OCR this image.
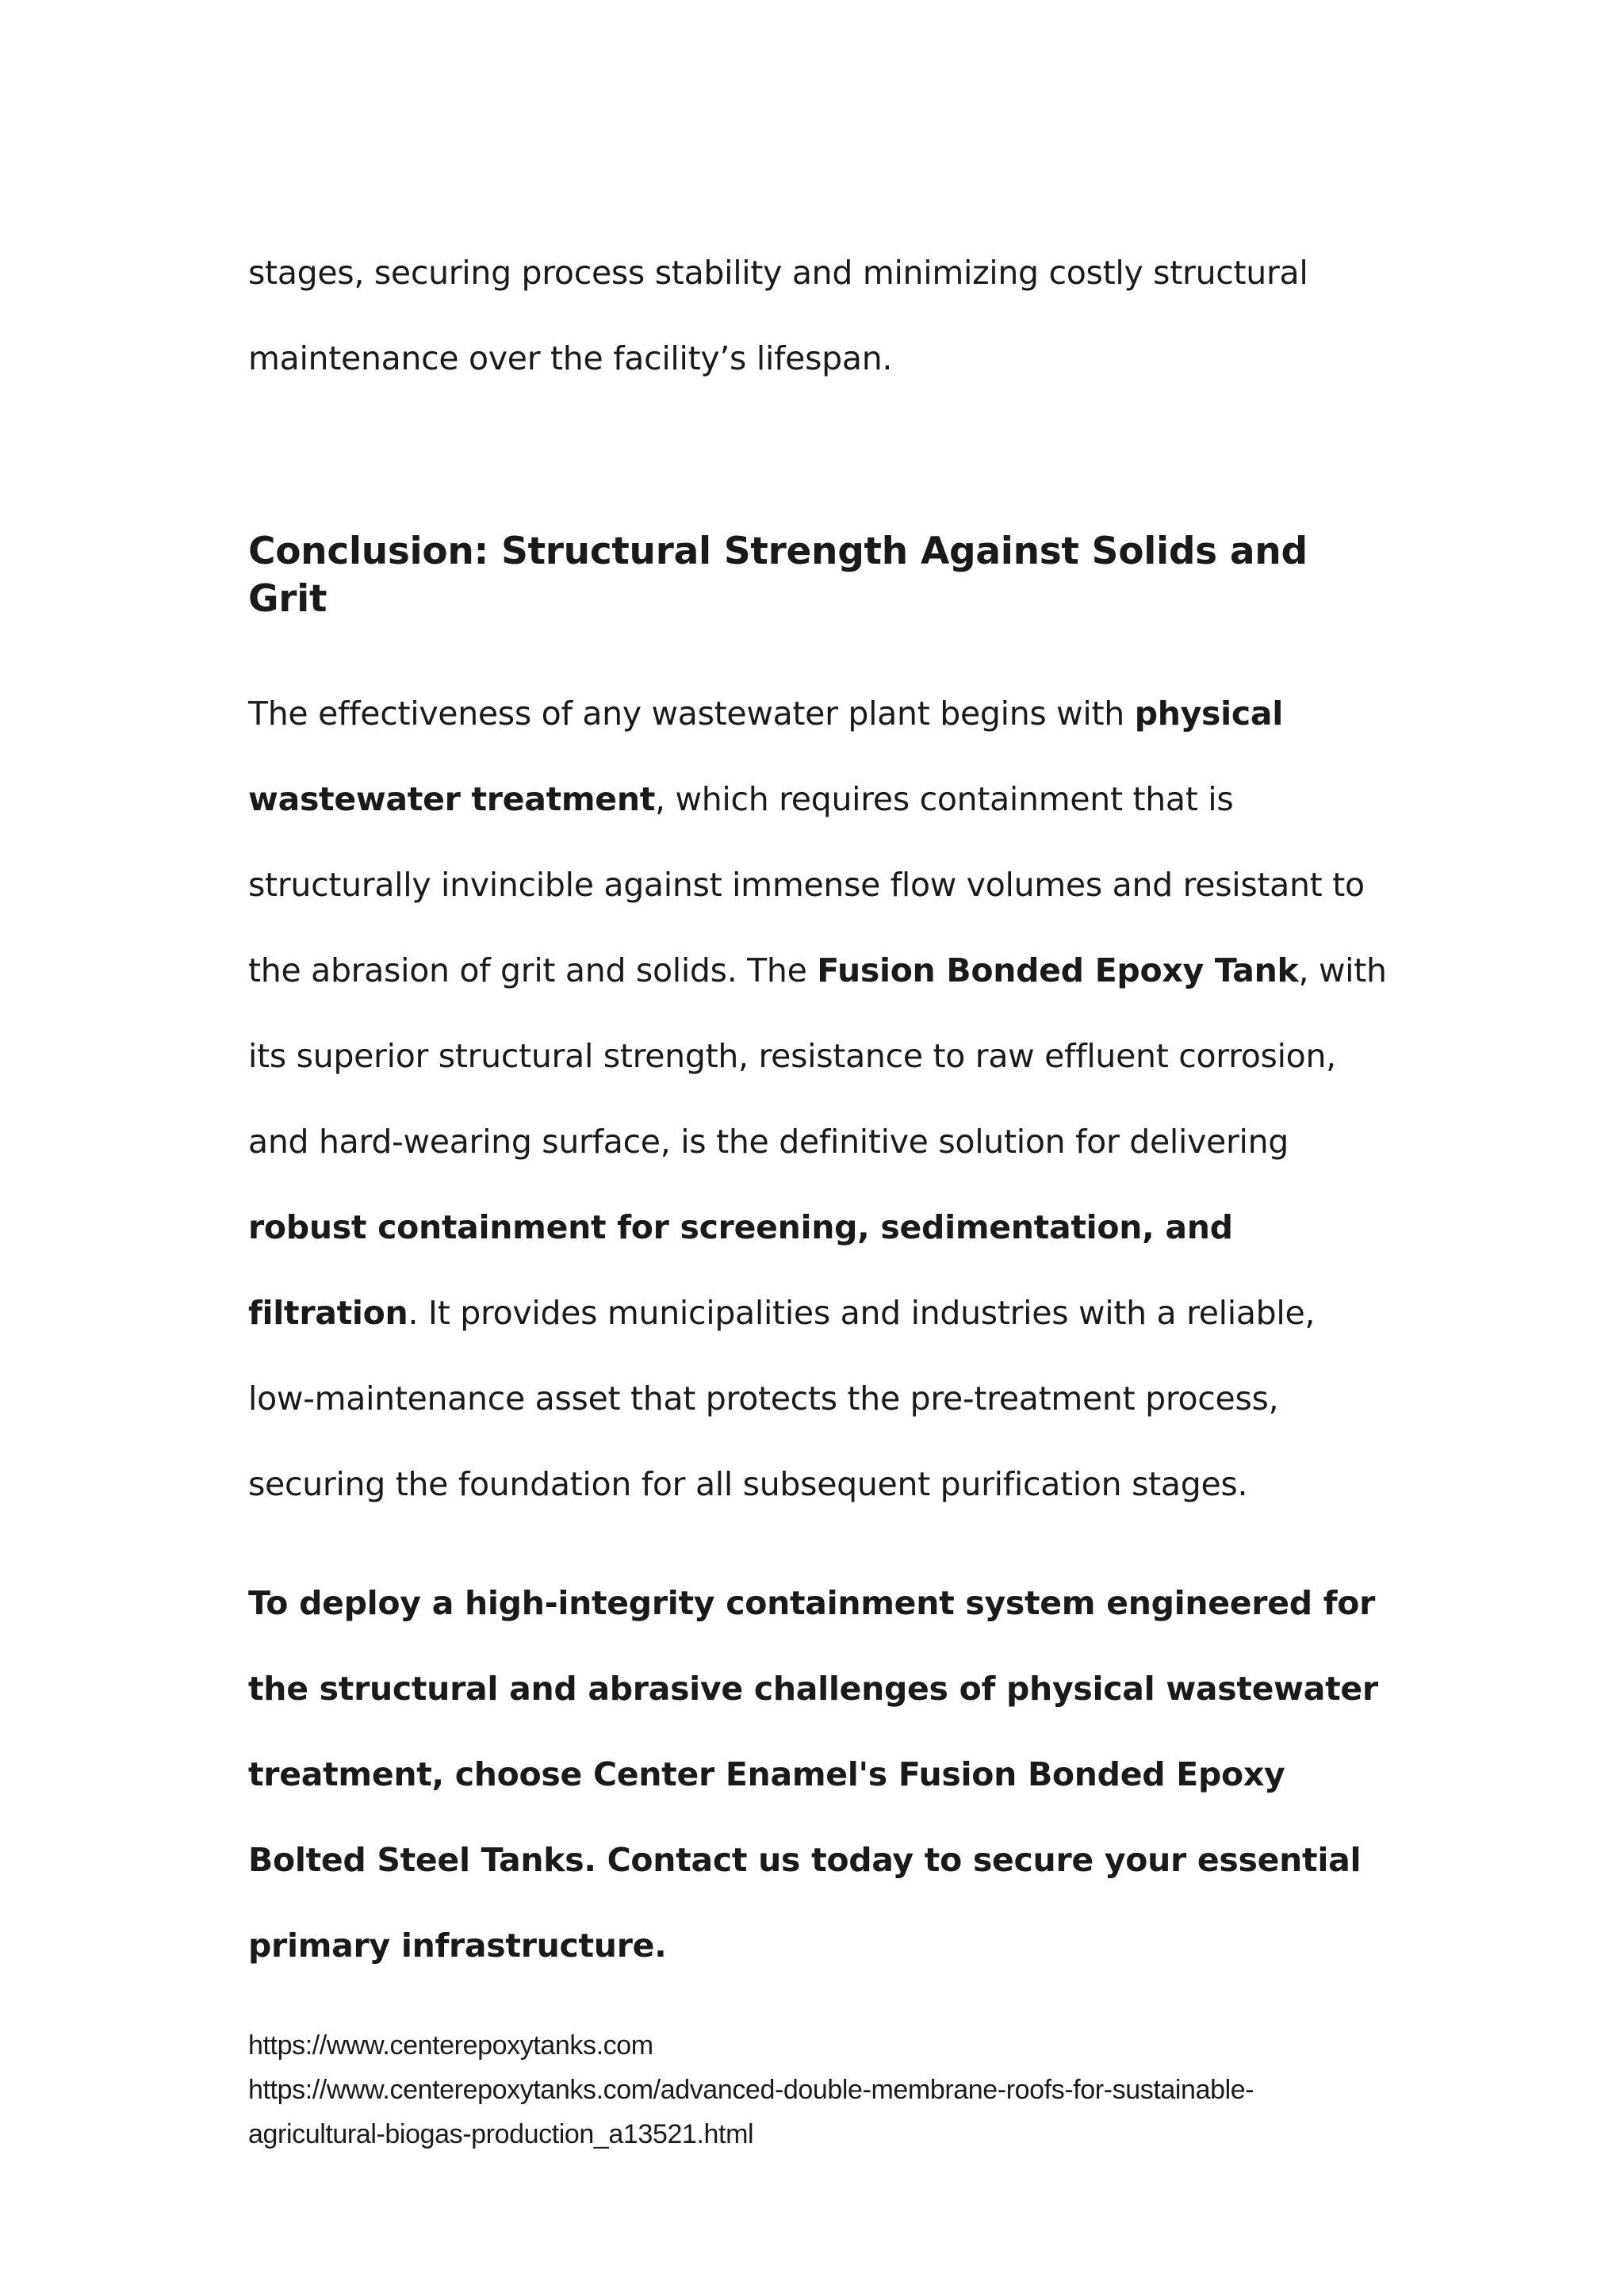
stages, securing process stability and minimizing costly structural maintenance over the facility’s lifespan.

Conclusion: Structural Strength Against Solids and Grit

The effectiveness of any wastewater plant begins with physical wastewater treatment, which requires containment that is structurally invincible against immense flow volumes and resistant to the abrasion of grit and solids. The Fusion Bonded Epoxy Tank, with its superior structural strength, resistance to raw effluent corrosion, and hard-wearing surface, is the definitive solution for delivering robust containment for screening, sedimentation, and filtration. It provides municipalities and industries with a reliable, low-maintenance asset that protects the pre-treatment process, securing the foundation for all subsequent purification stages.

To deploy a high-integrity containment system engineered for the structural and abrasive challenges of physical wastewater treatment, choose Center Enamel's Fusion Bonded Epoxy Bolted Steel Tanks. Contact us today to secure your essential primary infrastructure.

https://www.centerepoxytanks.com
https://www.centerepoxytanks.com/advanced-double-membrane-roofs-for-sustainable-
agricultural-biogas-production_a13521.html
